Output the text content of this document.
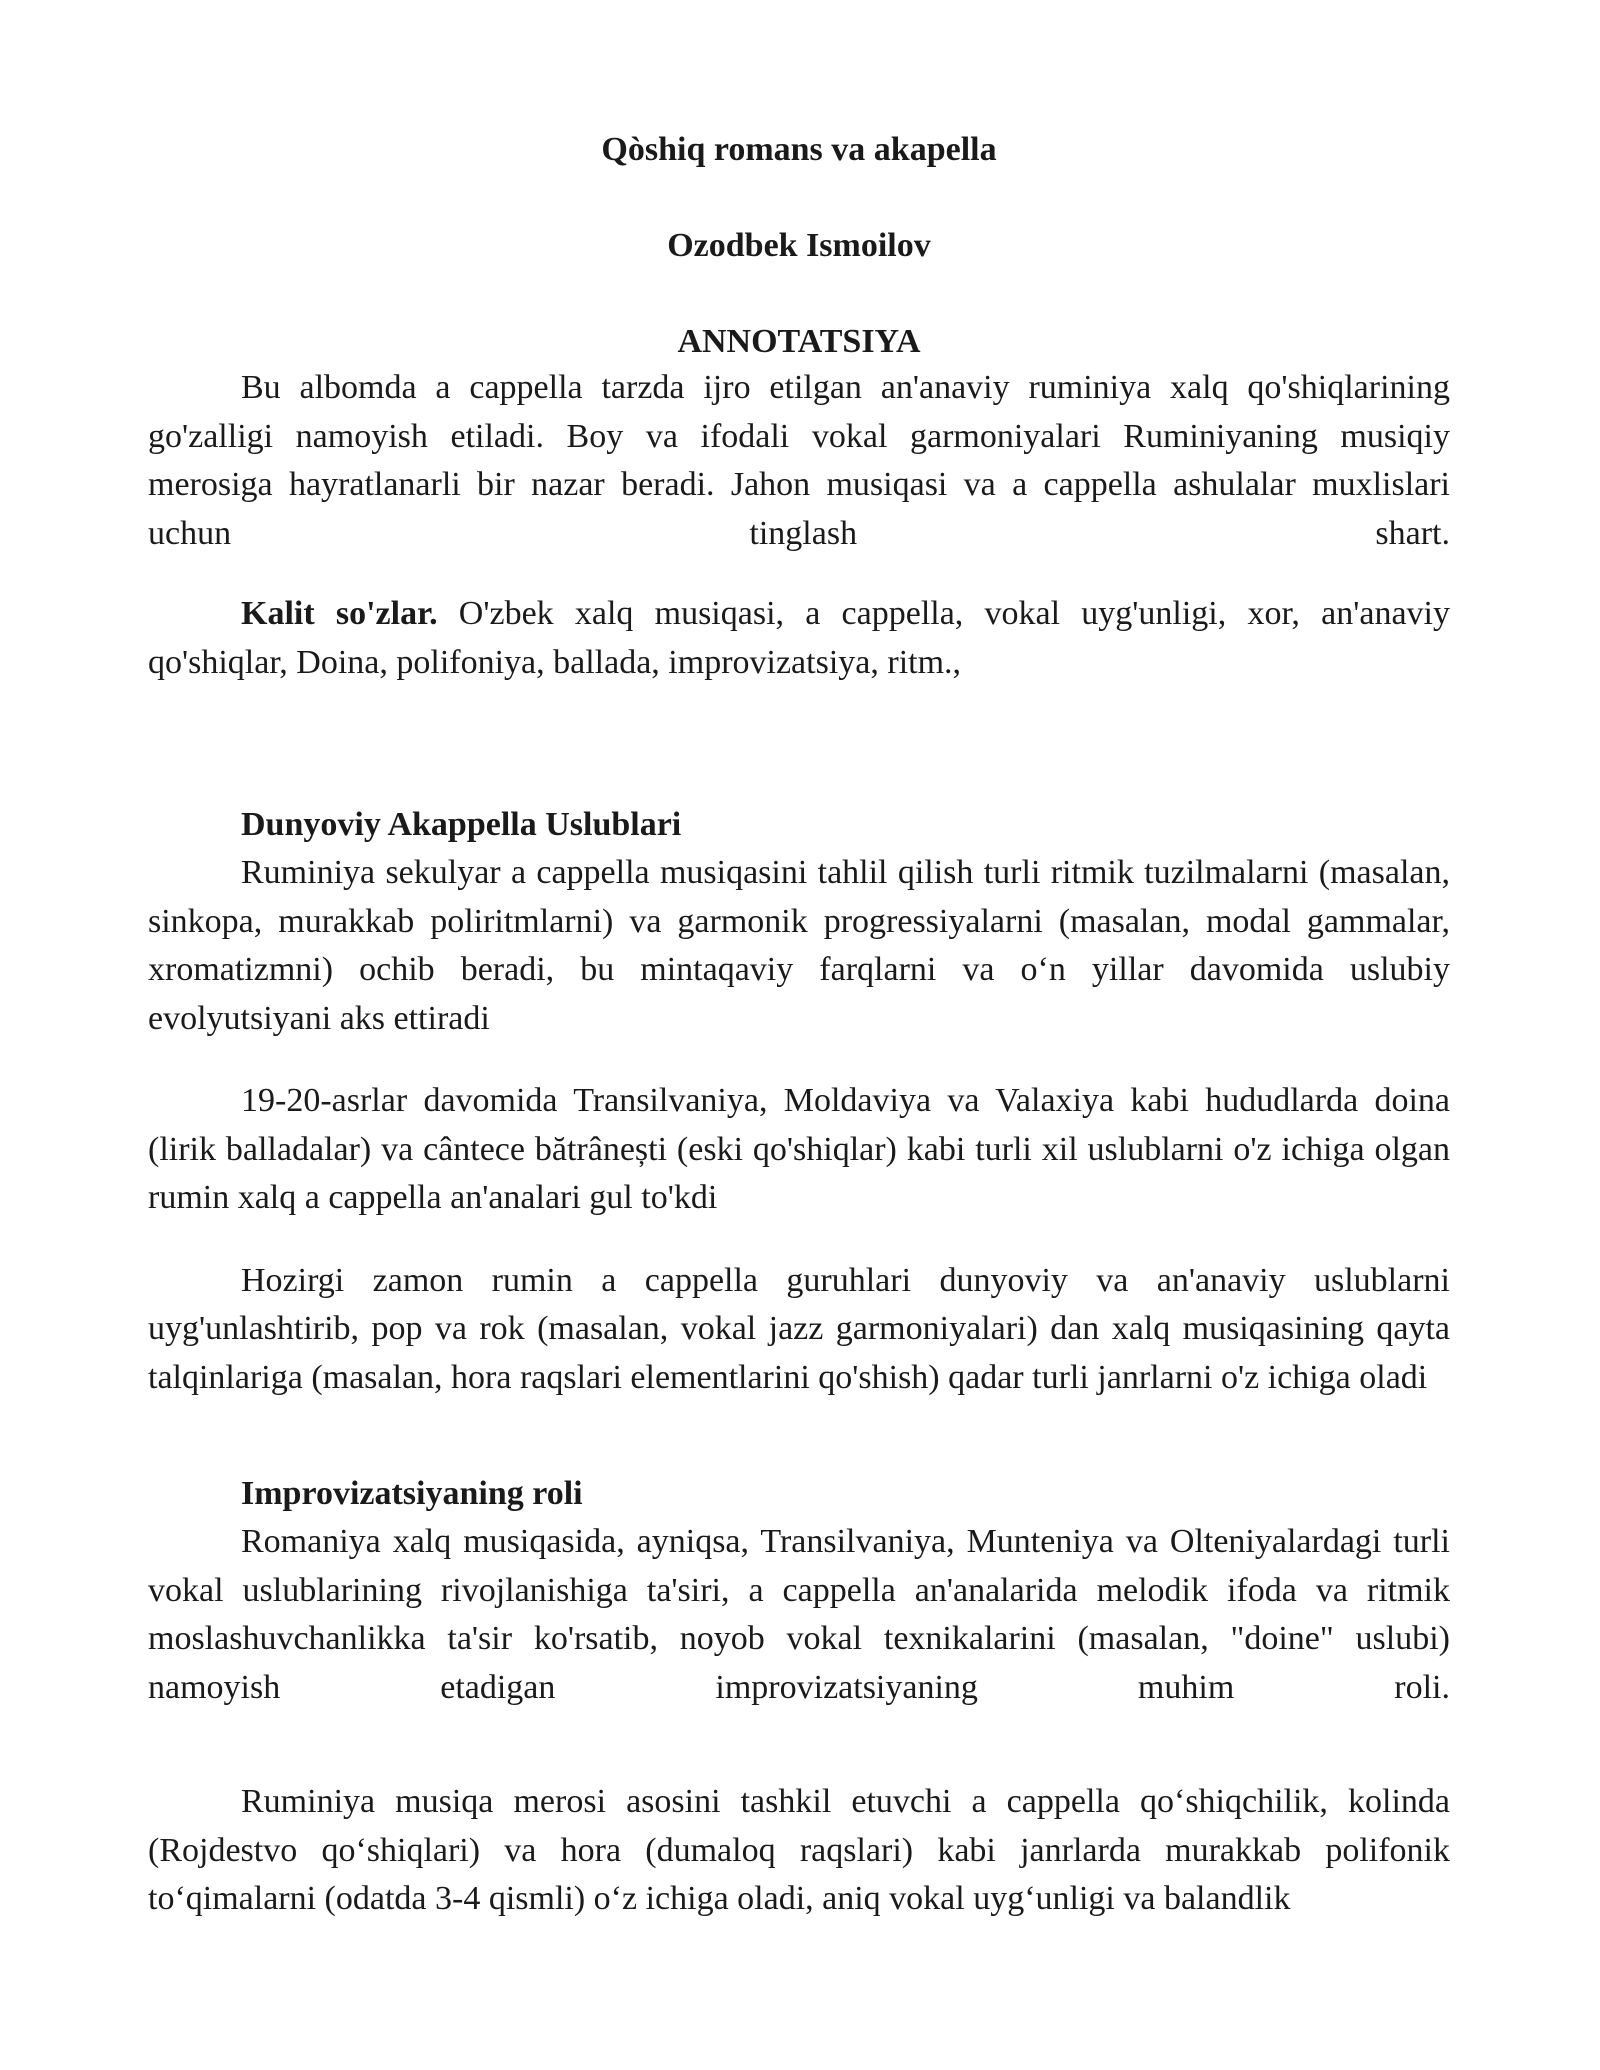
Qòshiq romans va akapella

Ozodbek Ismoilov

ANNOTATSIYA

Bu albomda a cappella tarzda ijro etilgan an'anaviy ruminiya xalq qo'shiqlarining go'zalligi namoyish etiladi. Boy va ifodali vokal garmoniyalari Ruminiyaning musiqiy merosiga hayratlanarli bir nazar beradi. Jahon musiqasi va a cappella ashulalar muxlislari uchun tinglash shart.

Kalit so'zlar. O'zbek xalq musiqasi, a cappella, vokal uyg'unligi, xor, an'anaviy qo'shiqlar, Doina, polifoniya, ballada, improvizatsiya, ritm.,

Dunyoviy Akappella Uslublari

Ruminiya sekulyar a cappella musiqasini tahlil qilish turli ritmik tuzilmalarni (masalan, sinkopa, murakkab poliritmlarni) va garmonik progressiyalarni (masalan, modal gammalar, xromatizmni) ochib beradi, bu mintaqaviy farqlarni va o‘n yillar davomida uslubiy evolyutsiyani aks ettiradi

19-20-asrlar davomida Transilvaniya, Moldaviya va Valaxiya kabi hududlarda doina (lirik balladalar) va cântece bătrânești (eski qo'shiqlar) kabi turli xil uslublarni o'z ichiga olgan rumin xalq a cappella an'analari gul to'kdi

Hozirgi zamon rumin a cappella guruhlari dunyoviy va an'anaviy uslublarni uyg'unlashtirib, pop va rok (masalan, vokal jazz garmoniyalari) dan xalq musiqasining qayta talqinlariga (masalan, hora raqslari elementlarini qo'shish) qadar turli janrlarni o'z ichiga oladi

Improvizatsiyaning roli

Romaniya xalq musiqasida, ayniqsa, Transilvaniya, Munteniya va Olteniyalardagi turli vokal uslublarining rivojlanishiga ta'siri, a cappella an'analarida melodik ifoda va ritmik moslashuvchanlikka ta'sir ko'rsatib, noyob vokal texnikalarini (masalan, "doine" uslubi) namoyish etadigan improvizatsiyaning muhim roli.

Ruminiya musiqa merosi asosini tashkil etuvchi a cappella qo‘shiqchilik, kolinda (Rojdestvo qo‘shiqlari) va hora (dumaloq raqslari) kabi janrlarda murakkab polifonik to‘qimalarni (odatda 3-4 qismli) o‘z ichiga oladi, aniq vokal uyg‘unligi va balandlik
